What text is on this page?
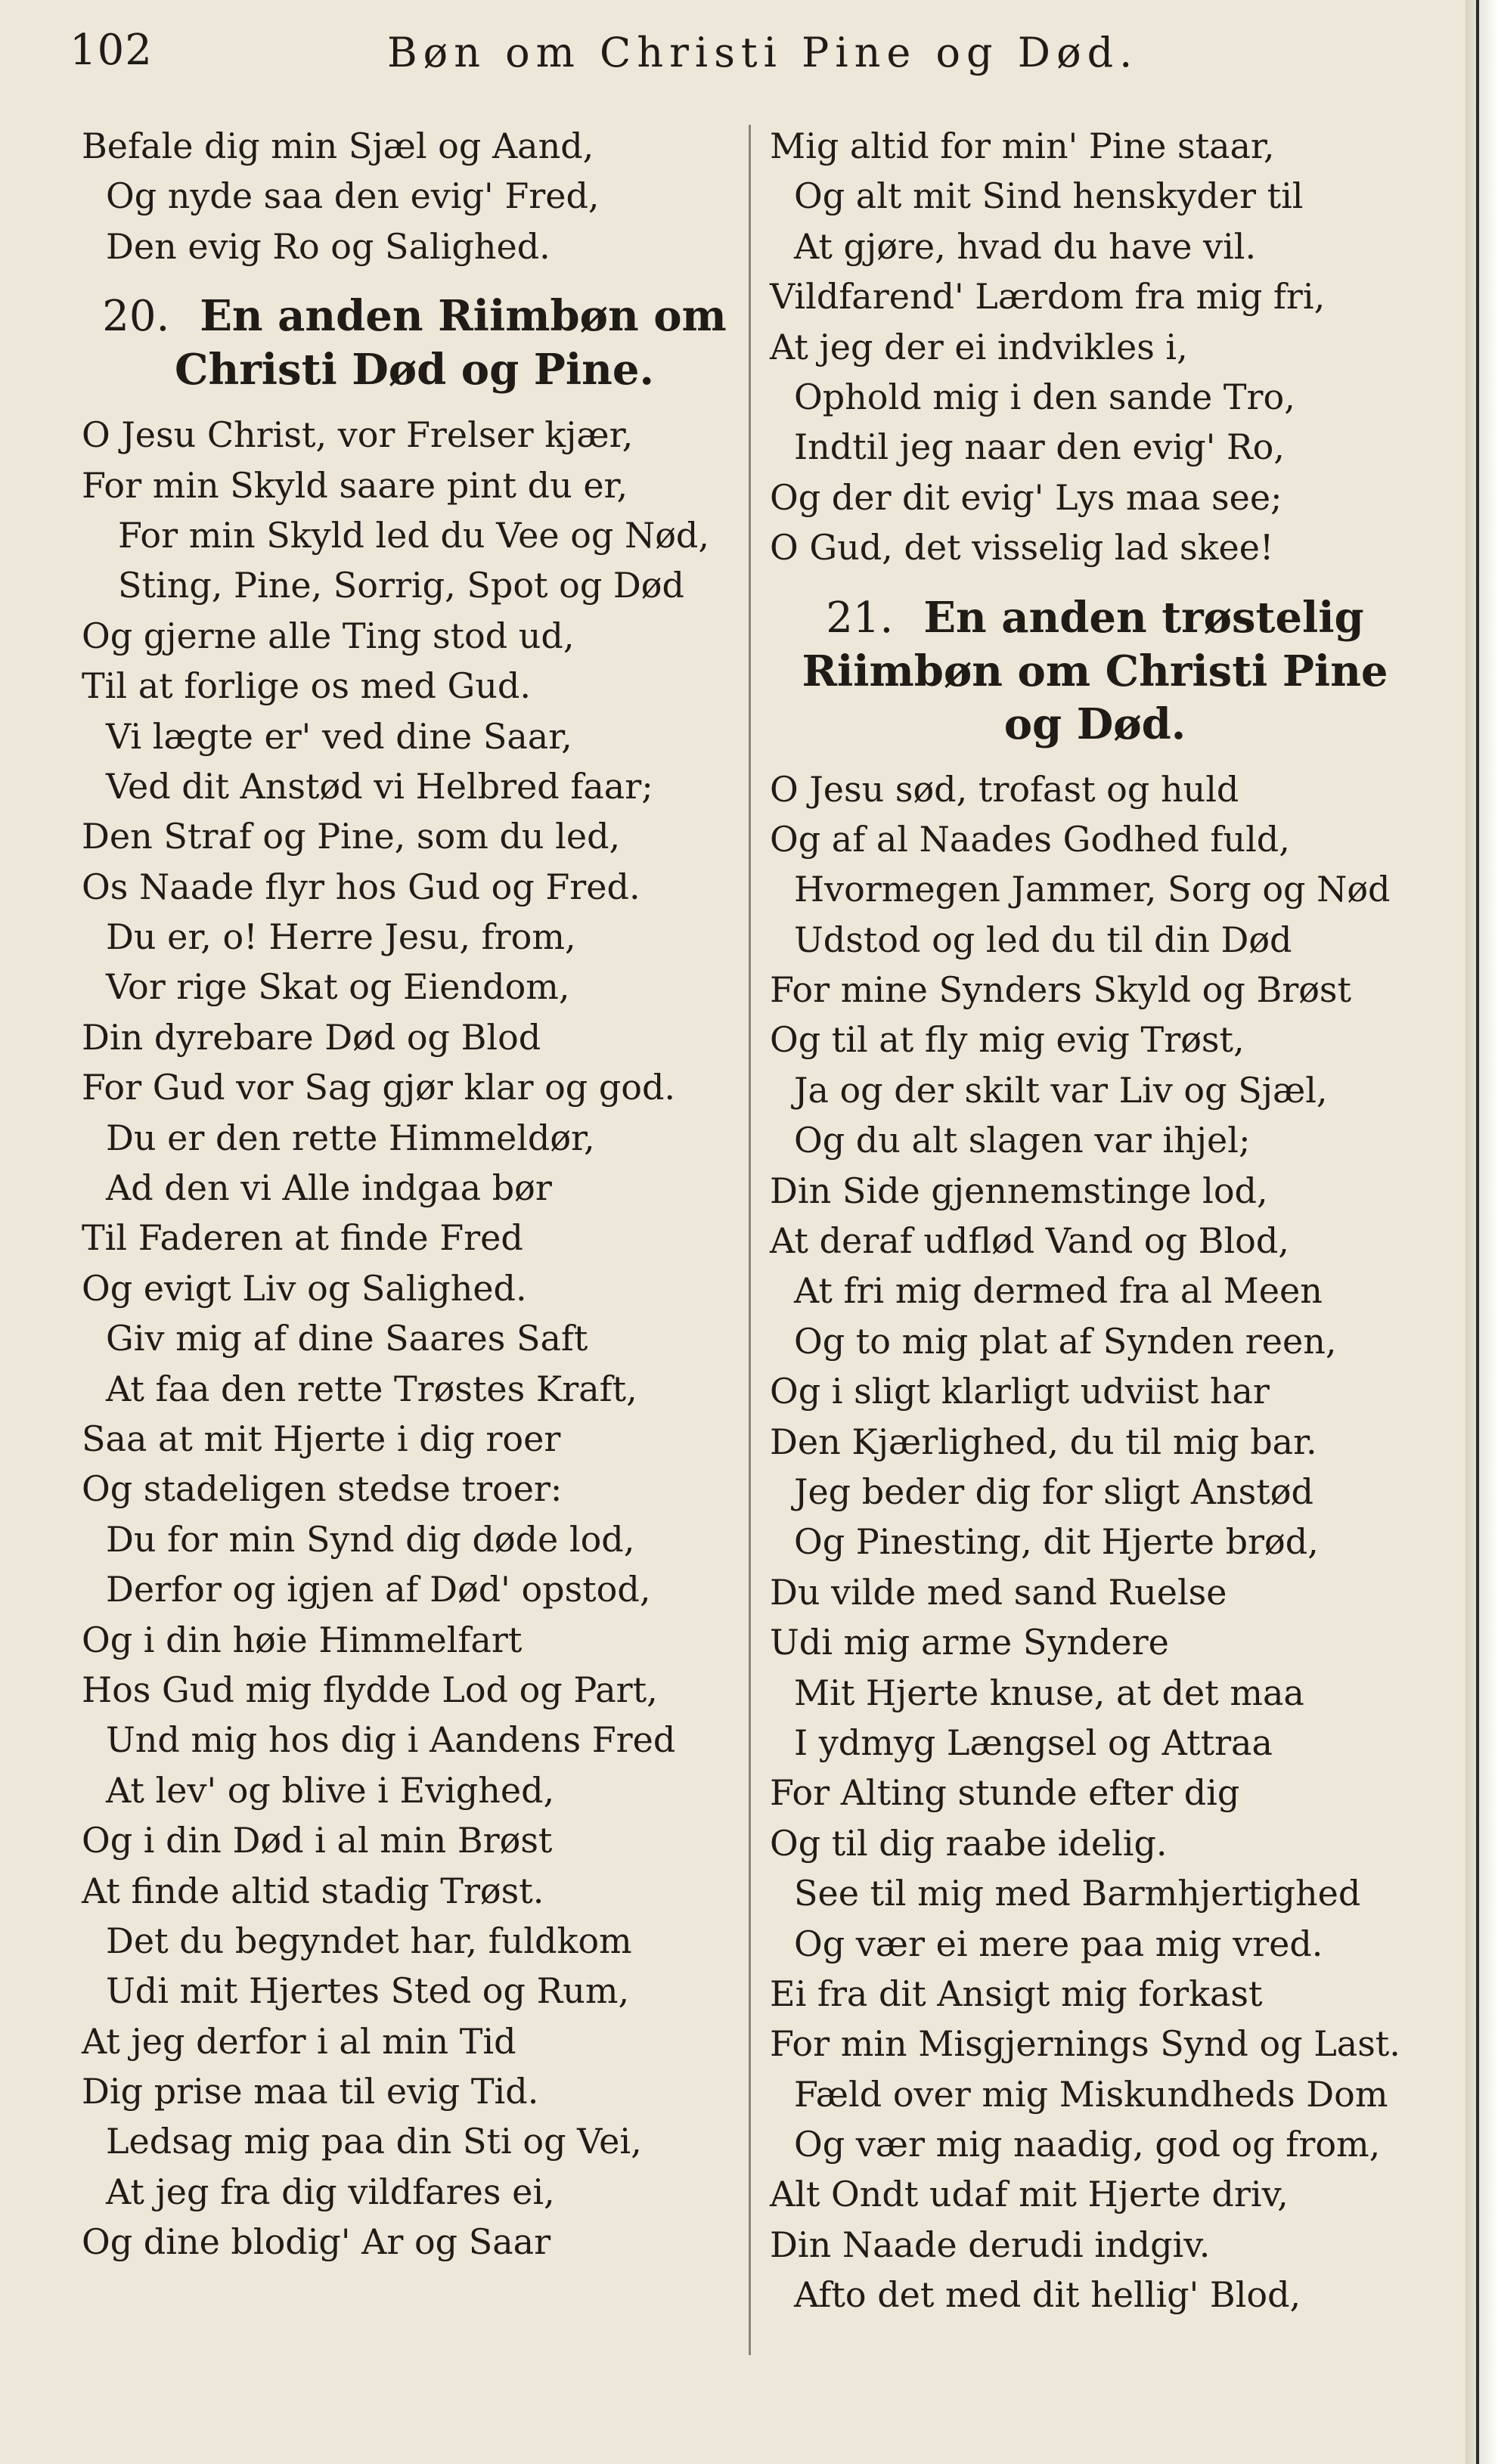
102	Bøn om Christi Pine og Død.
Befale dig min Sjæl og Aand,
Og nyde saa den evig' Fred,
Den evig Ro og Salighed.
20. En anden Riimbøn om Christi Død og Pine.
O Jesu Christ, vor Frelser kjær,
For min Skyld saare pint du er,
For min Skyld led du Vee og Nød,
Sting, Pine, Sorrig, Spot og Død
Og gjerne alle Ting stod ud,
Til at forlige os med Gud.
Vi lægte er' ved dine Saar,
Ved dit Anstød vi Helbred faar;
Den Straf og Pine, som du led,
Os Naade flyr hos Gud og Fred.
Du er, o! Herre Jesu, from,
Vor rige Skat og Eiendom,
Din dyrebare Død og Blod
For Gud vor Sag gjør klar og god.
Du er den rette Himmeldør,
Ad den vi Alle indgaa bør
Til Faderen at finde Fred
Og evigt Liv og Salighed.
Giv mig af dine Saares Saft
At faa den rette Trøstes Kraft,
Saa at mit Hjerte i dig roer
Og stadeligen stedse troer:
Du for min Synd dig døde lod,
Derfor og igjen af Død' opstod,
Og i din høie Himmelfart
Hos Gud mig flydde Lod og Part,
Und mig hos dig i Aandens Fred
At lev' og blive i Evighed,
Og i din Død i al min Brøst
At finde altid stadig Trøst.
Det du begyndet har, fuldkom
Udi mit Hjertes Sted og Rum,
At jeg derfor i al min Tid
Dig prise maa til evig Tid.
Ledsag mig paa din Sti og Vei,
At jeg fra dig vildfares ei,
Og dine blodig' Ar og Saar
Mig altid for min' Pine staar,
Og alt mit Sind henskyder til
At gjøre, hvad du have vil.
Vildfarend' Lærdom fra mig fri,
At jeg der ei indvikles i,
Ophold mig i den sande Tro,
Indtil jeg naar den evig' Ro,
Og der dit evig' Lys maa see;
O Gud, det visselig lad skee!
21. En anden trøstelig Riimbøn om Christi Pine og Død.
O Jesu sød, trofast og huld
Og af al Naades Godhed fuld,
Hvormegen Jammer, Sorg og Nød
Udstod og led du til din Død
For mine Synders Skyld og Brøst
Og til at fly mig evig Trøst,
Ja og der skilt var Liv og Sjæl,
Og du alt slagen var ihjel;
Din Side gjennemstinge lod,
At deraf udflød Vand og Blod,
At fri mig dermed fra al Meen
Og to mig plat af Synden reen,
Og i sligt klarligt udviist har
Den Kjærlighed, du til mig bar.
Jeg beder dig for sligt Anstød
Og Pinesting, dit Hjerte brød,
Du vilde med sand Ruelse
Udi mig arme Syndere
Mit Hjerte knuse, at det maa
I ydmyg Længsel og Attraa
For Alting stunde efter dig
Og til dig raabe idelig.
See til mig med Barmhjertighed
Og vær ei mere paa mig vred.
Ei fra dit Ansigt mig forkast
For min Misgjernings Synd og Last.
Fæld over mig Miskundheds Dom
Og vær mig naadig, god og from,
Alt Ondt udaf mit Hjerte driv,
Din Naade derudi indgiv.
Afto det med dit hellig' Blod,
